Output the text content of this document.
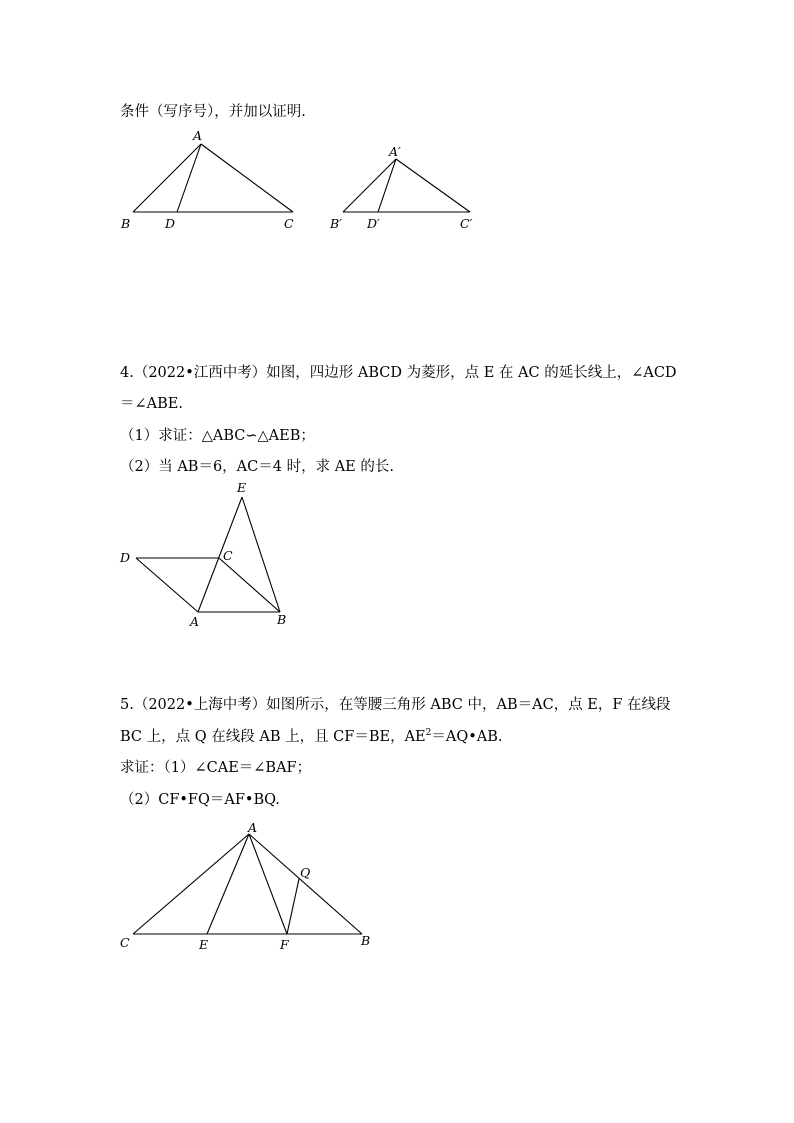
条件（写序号），并加以证明.
A
B	D	C
A′
B′ D′	C′
4.（2022•江西中考）如图，四边形 ABCD 为菱形，点 E 在 AC 的延长线上，∠ACD
＝∠ABE.
（1）求证：△ABC∽△AEB；
（2）当 AB＝6，AC＝4 时，求 AE 的长.
E
D	C
A	B
5.（2022•上海中考）如图所示，在等腰三角形 ABC 中，AB＝AC，点 E，F 在线段
BC 上，点 Q 在线段 AB 上，且 CF＝BE，$AE^2=AQ•AB$.
求证：（1）∠CAE＝∠BAF；
（2）CF•FQ＝AF•BQ.
A
Q
C	E	F	B
